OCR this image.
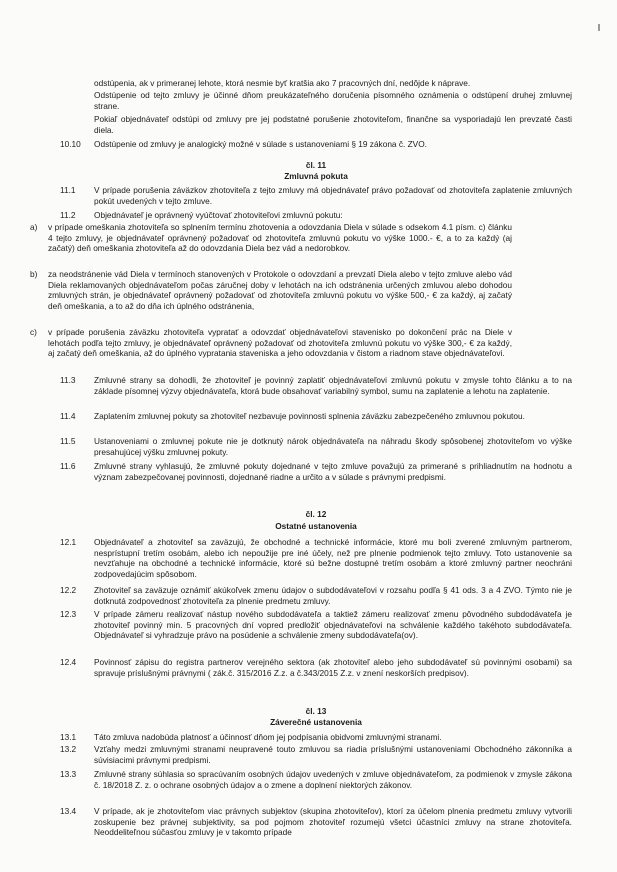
odstúpenia, ak v primeranej lehote, ktorá nesmie byť kratšia ako 7 pracovných dní, nedôjde k náprave.
Odstúpenie od tejto zmluvy je účinné dňom preukázateľného doručenia písomného oznámenia o odstúpení druhej zmluvnej strane.
Pokiaľ objednávateľ odstúpi od zmluvy pre jej podstatné porušenie zhotoviteľom, finančne sa vysporiadajú len prevzaté časti diela.
10.10	Odstúpenie od zmluvy je analogický možné v súlade s ustanoveniami § 19 zákona č. ZVO.
čl. 11
Zmluvná pokuta
11.1	V prípade porušenia záväzkov zhotoviteľa z tejto zmluvy má objednávateľ právo požadovať od zhotoviteľa zaplatenie zmluvných pokút uvedených v tejto zmluve.
11.2	Objednávateľ je oprávnený vyúčtovať zhotoviteľovi zmluvnú pokutu:
a)	v prípade omeškania zhotoviteľa so splnením termínu zhotovenia a odovzdania Diela v súlade s odsekom 4.1 písm. c) článku 4 tejto zmluvy, je objednávateľ oprávnený požadovať od zhotoviteľa zmluvnú pokutu vo výške 1000.- €, a to za každý (aj začatý) deň omeškania zhotoviteľa až do odovzdania Diela bez vád a nedorobkov.
b)	za neodstránenie vád Diela v termínoch stanovených v Protokole o odovzdaní a prevzatí Diela alebo v tejto zmluve alebo vád Diela reklamovaných objednávateľom počas záručnej doby v lehotách na ich odstránenia určených zmluvou alebo dohodou zmluvných strán, je objednávateľ oprávnený požadovať od zhotoviteľa zmluvnú pokutu vo výške 500,- € za každý, aj začatý deň omeškania, a to až do dňa ich úplného odstránenia,
c)	v prípade porušenia záväzku zhotoviteľa vypratať a odovzdať objednávateľovi stavenisko po dokončení prác na Diele v lehotách podľa tejto zmluvy, je objednávateľ oprávnený požadovať od zhotoviteľa zmluvnú pokutu vo výške 300,- € za každý, aj začatý deň omeškania, až do úplného vypratania staveniska a jeho odovzdania v čistom a riadnom stave objednávateľovi.
11.3	Zmluvné strany sa dohodli, že zhotoviteľ je povinný zaplatiť objednávateľovi zmluvnú pokutu v zmysle tohto článku a to na základe písomnej výzvy objednávateľa, ktorá bude obsahovať variabilný symbol, sumu na zaplatenie a lehotu na zaplatenie.
11.4	Zaplatením zmluvnej pokuty sa zhotoviteľ nezbavuje povinnosti splnenia záväzku zabezpečeného zmluvnou pokutou.
11.5	Ustanoveniami o zmluvnej pokute nie je dotknutý nárok objednávateľa na náhradu škody spôsobenej zhotoviteľom vo výške presahujúcej výšku zmluvnej pokuty.
11.6	Zmluvné strany vyhlasujú, že zmluvné pokuty dojednané v tejto zmluve považujú za primerané s prihliadnutím na hodnotu a význam zabezpečovanej povinnosti, dojednané riadne a určito a v súlade s právnymi predpismi.
čl. 12
Ostatné ustanovenia
12.1	Objednávateľ a zhotoviteľ sa zaväzujú, že obchodné a technické informácie, ktoré mu boli zverené zmluvným partnerom, nesprístupní tretím osobám, alebo ich nepoužije pre iné účely, než pre plnenie podmienok tejto zmluvy. Toto ustanovenie sa nevzťahuje na obchodné a technické informácie, ktoré sú bežne dostupné tretím osobám a ktoré zmluvný partner neochráni zodpovedajúcim spôsobom.
12.2	Zhotoviteľ sa zaväzuje oznámiť akúkoľvek zmenu údajov o subdodávateľovi v rozsahu podľa § 41 ods. 3 a 4 ZVO. Týmto nie je dotknutá zodpovednosť zhotoviteľa za plnenie predmetu zmluvy.
12.3	V prípade zámeru realizovať nástup nového subdodávateľa a taktiež zámeru realizovať zmenu pôvodného subdodávateľa je zhotoviteľ povinný min. 5 pracovných dní vopred predložiť objednávateľovi na schválenie každého takéhoto subdodávateľa. Objednávateľ si vyhradzuje právo na posúdenie a schválenie zmeny subdodávateľa(ov).
12.4	Povinnosť zápisu do registra partnerov verejného sektora (ak zhotoviteľ alebo jeho subdodávateľ sú povinnými osobami) sa spravuje príslušnými právnymi ( zák.č. 315/2016 Z.z. a č.343/2015 Z.z. v znení neskorších predpisov).
čl. 13
Záverečné ustanovenia
13.1	Táto zmluva nadobúda platnosť a účinnosť dňom jej podpísania obidvomi zmluvnými stranami.
13.2	Vzťahy medzi zmluvnými stranami neupravené touto zmluvou sa riadia príslušnými ustanoveniami Obchodného zákonníka a súvisiacimi právnymi predpismi.
13.3	Zmluvné strany súhlasia so spracúvaním osobných údajov uvedených v zmluve objednávateľom, za podmienok v zmysle zákona č. 18/2018 Z. z. o ochrane osobných údajov a o zmene a doplnení niektorých zákonov.
13.4	V prípade, ak je zhotoviteľom viac právnych subjektov (skupina zhotoviteľov), ktorí za účelom plnenia predmetu zmluvy vytvorili zoskupenie bez právnej subjektivity, sa pod pojmom zhotoviteľ rozumejú všetci účastníci zmluvy na strane zhotoviteľa. Neoddeliteľnou súčasťou zmluvy je v takomto prípade
